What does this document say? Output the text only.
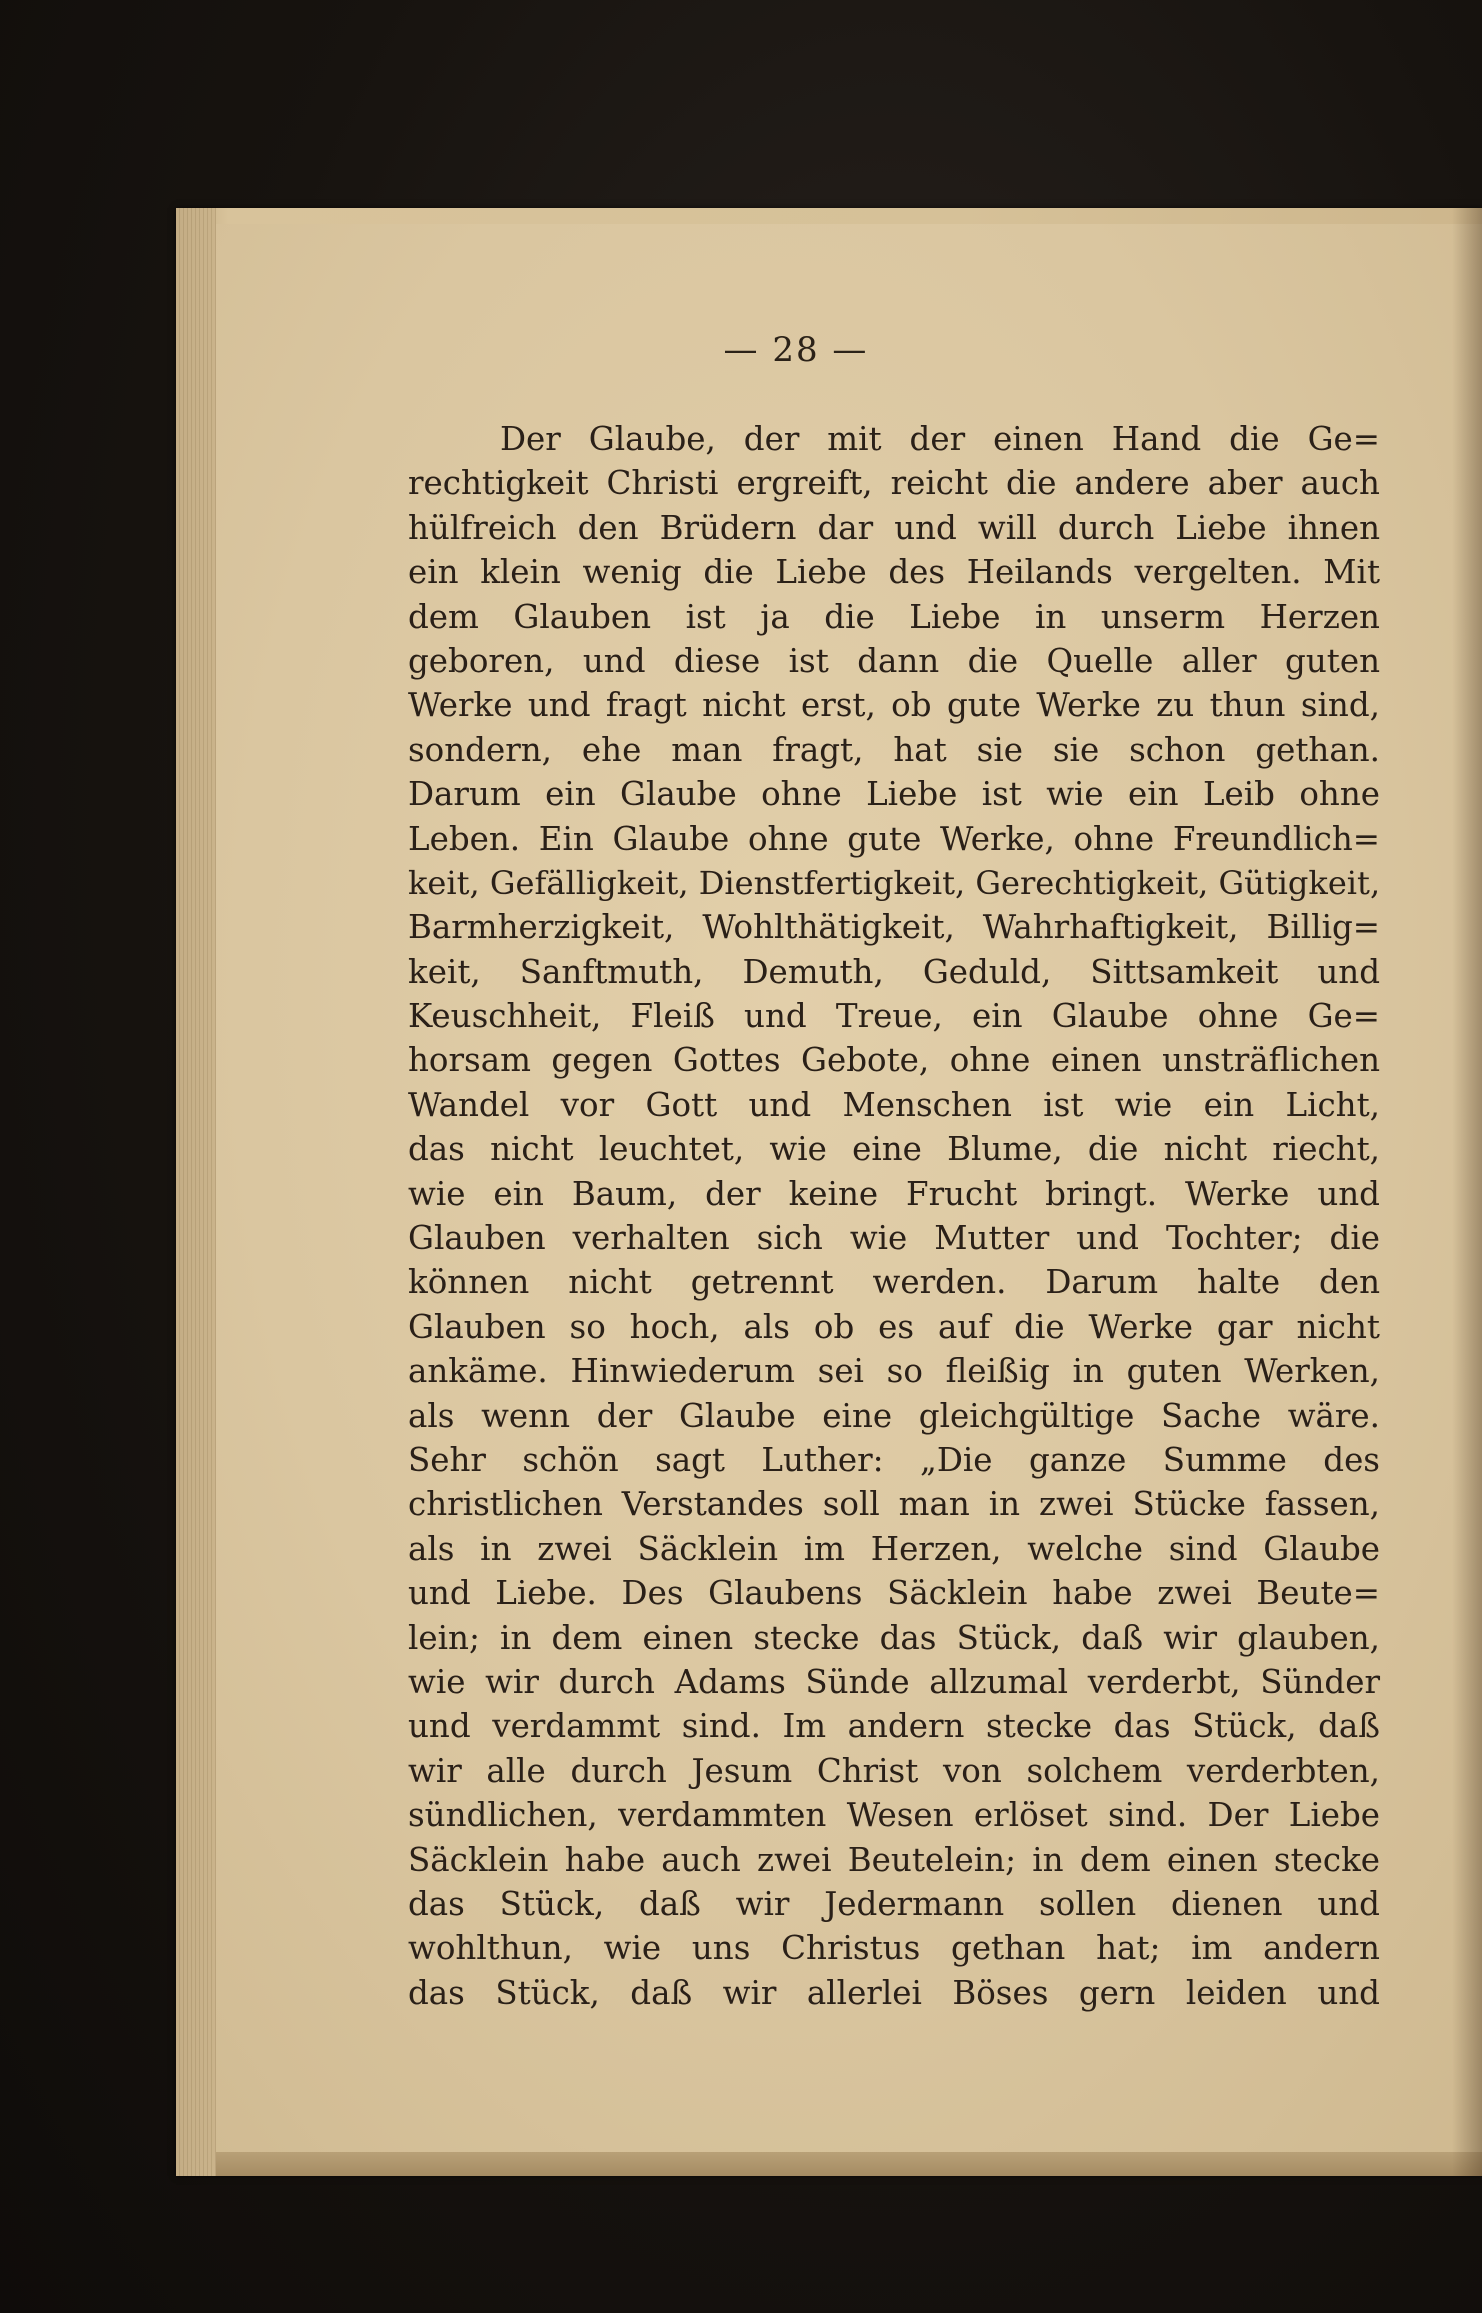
— 28 —
Der Glaube, der mit der einen Hand die Ge=
rechtigkeit Christi ergreift, reicht die andere aber auch
hülfreich den Brüdern dar und will durch Liebe ihnen
ein klein wenig die Liebe des Heilands vergelten. Mit
dem Glauben ist ja die Liebe in unserm Herzen
geboren, und diese ist dann die Quelle aller guten
Werke und fragt nicht erst, ob gute Werke zu thun sind,
sondern, ehe man fragt, hat sie sie schon gethan.
Darum ein Glaube ohne Liebe ist wie ein Leib ohne
Leben. Ein Glaube ohne gute Werke, ohne Freundlich=
keit, Gefälligkeit, Dienstfertigkeit, Gerechtigkeit, Gütigkeit,
Barmherzigkeit, Wohlthätigkeit, Wahrhaftigkeit, Billig=
keit, Sanftmuth, Demuth, Geduld, Sittsamkeit und
Keuschheit, Fleiß und Treue, ein Glaube ohne Ge=
horsam gegen Gottes Gebote, ohne einen unsträflichen
Wandel vor Gott und Menschen ist wie ein Licht,
das nicht leuchtet, wie eine Blume, die nicht riecht,
wie ein Baum, der keine Frucht bringt. Werke und
Glauben verhalten sich wie Mutter und Tochter; die
können nicht getrennt werden. Darum halte den
Glauben so hoch, als ob es auf die Werke gar nicht
ankäme. Hinwiederum sei so fleißig in guten Werken,
als wenn der Glaube eine gleichgültige Sache wäre.
Sehr schön sagt Luther: „Die ganze Summe des
christlichen Verstandes soll man in zwei Stücke fassen,
als in zwei Säcklein im Herzen, welche sind Glaube
und Liebe. Des Glaubens Säcklein habe zwei Beute=
lein; in dem einen stecke das Stück, daß wir glauben,
wie wir durch Adams Sünde allzumal verderbt, Sünder
und verdammt sind. Im andern stecke das Stück, daß
wir alle durch Jesum Christ von solchem verderbten,
sündlichen, verdammten Wesen erlöset sind. Der Liebe
Säcklein habe auch zwei Beutelein; in dem einen stecke
das Stück, daß wir Jedermann sollen dienen und
wohlthun, wie uns Christus gethan hat; im andern
das Stück, daß wir allerlei Böses gern leiden und
